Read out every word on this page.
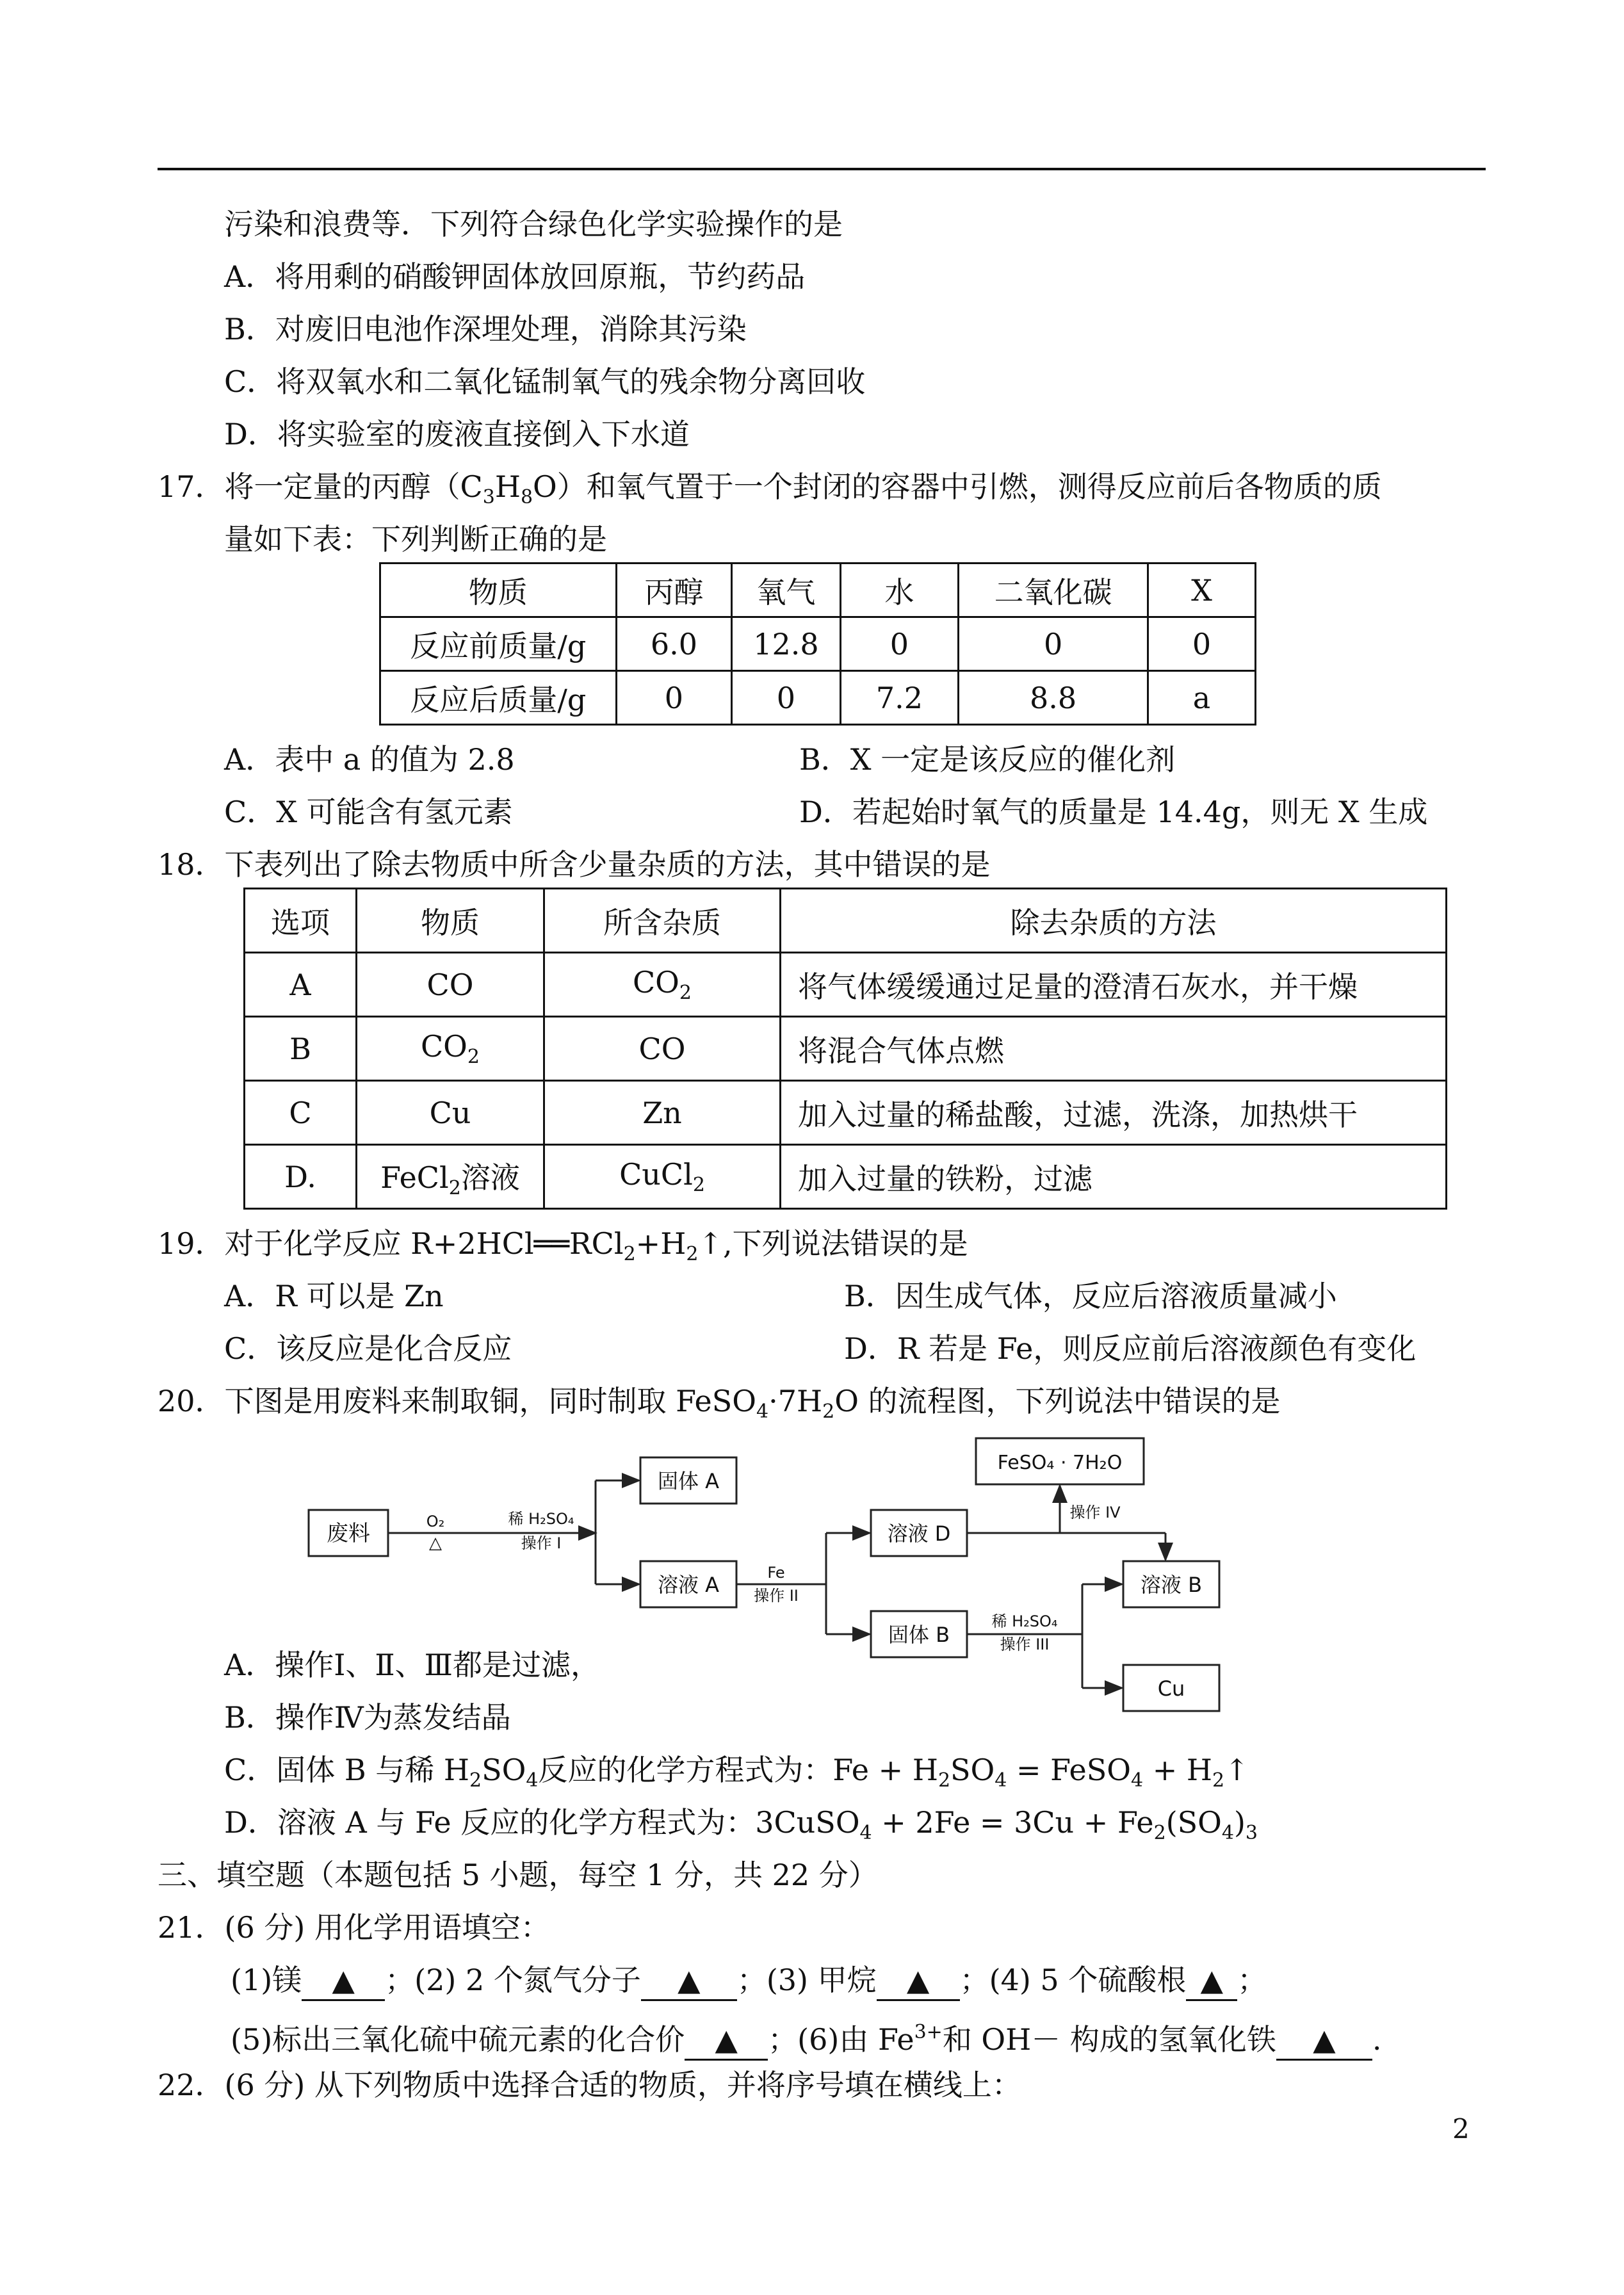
污染和浪费等．下列符合绿色化学实验操作的是
A．将用剩的硝酸钾固体放回原瓶，节约药品
B．对废旧电池作深埋处理，消除其污染
C．将双氧水和二氧化锰制氧气的残余物分离回收
D．将实验室的废液直接倒入下水道
17．将一定量的丙醇$(C_3H_8O)$和氧气置于一个封闭的容器中引燃，测得反应前后各物质的质
量如下表：下列判断正确的是
物质	丙醇	氧气	水	二氧化碳	X
反应前质量/g	6.0	12.8	0	0	0
反应后质量/g	0	0	7.2	8.8	a
A．表中 a 的值为 2.8	B．X 一定是该反应的催化剂
C．X 可能含有氢元素	D．若起始时氧气的质量是 14.4g，则无 X 生成
18．下表列出了除去物质中所含少量杂质的方法，其中错误的是
选项	物质	所含杂质	除去杂质的方法
A	CO	$CO_2$	将气体缓缓通过足量的澄清石灰水，并干燥
B	$CO_2$	CO	将混合气体点燃
C	Cu	Zn	加入过量的稀盐酸，过滤，洗涤，加热烘干
D.	FeCl$_2$溶液	CuCl$_2$	加入过量的铁粉，过滤
19．对于化学反应 $R+2HCl══RCl_2+H_2↑$,下列说法错误的是
A．R 可以是 Zn	B．因生成气体，反应后溶液质量减小
C．该反应是化合反应	D．R 若是 Fe，则反应前后溶液颜色有变化
20．下图是用废料来制取铜，同时制取 $FeSO_4\cdot 7H_2O$ 的流程图，下列说法中错误的是
废料	O₂
△
稀 H₂SO₄
操作 I
固体 A
溶液 A	Fe
操作 II
溶液 D
固体 B
稀 H₂SO₄
操作 III
FeSO₄ · 7H₂O
操作 IV
溶液 B
Cu
A．操作Ⅰ、Ⅱ、Ⅲ都是过滤，
B．操作Ⅳ为蒸发结晶
C．固体 B 与稀 $H_2SO_4$反应的化学方程式为：$Fe + H_2SO_4$ = FeSO$_4$ + $H_2↑$
D．溶液 A 与 Fe 反应的化学方程式为：3CuSO$_4$ + $2Fe = 3Cu + Fe_2(SO_4)_3$
三、填空题（本题包括 5 小题，每空 1 分，共 22 分）
21．(6 分) 用化学用语填空：
(1)镁 ▲ ；(2) 2 个氮气分子 ▲ ；(3) 甲烷 ▲ ；(4) 5 个硫酸根 ▲ ；
(5)标出三氧化硫中硫元素的化合价 ▲ ；(6)由 $Fe^{3+}$和 OH－ 构成的氢氧化铁 ▲ .
22．(6 分) 从下列物质中选择合适的物质，并将序号填在横线上：
2
